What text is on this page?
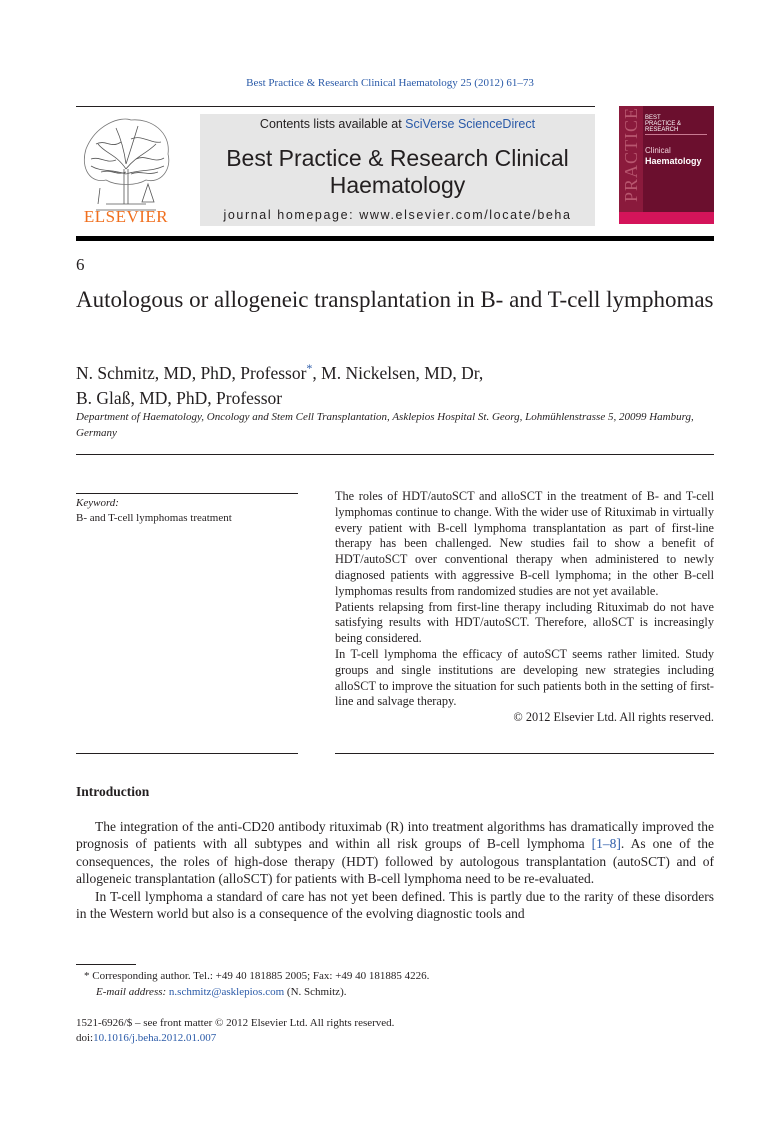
Best Practice & Research Clinical Haematology 25 (2012) 61–73
ELSEVIER
Contents lists available at SciVerse ScienceDirect
Best Practice & Research Clinical Haematology
journal homepage: www.elsevier.com/locate/beha
PRACTICE BEST PRACTICE & RESEARCH
Clinical
Haematology
6
Autologous or allogeneic transplantation in B- and T-cell lymphomas
N. Schmitz, MD, PhD, Professor*, M. Nickelsen, MD, Dr,
B. Glaß, MD, PhD, Professor
Department of Haematology, Oncology and Stem Cell Transplantation, Asklepios Hospital St. Georg, Lohmühlenstrasse 5, 20099 Hamburg, Germany
Keyword:
B- and T-cell lymphomas treatment

The roles of HDT/autoSCT and alloSCT in the treatment of B- and T-cell lymphomas continue to change. With the wider use of Rituximab in virtually every patient with B-cell lymphoma transplantation as part of first-line therapy has been challenged. New studies fail to show a benefit of HDT/autoSCT over conventional therapy when administered to newly diagnosed patients with aggressive B-cell lymphoma; in the other B-cell lymphomas results from randomized studies are not yet available.

Patients relapsing from first-line therapy including Rituximab do not have satisfying results with HDT/autoSCT. Therefore, alloSCT is increasingly being considered.

In T-cell lymphoma the efficacy of autoSCT seems rather limited. Study groups and single institutions are developing new strategies including alloSCT to improve the situation for such patients both in the setting of first-line and salvage therapy.

© 2012 Elsevier Ltd. All rights reserved.

Introduction

The integration of the anti-CD20 antibody rituximab (R) into treatment algorithms has dramatically improved the prognosis of patients with all subtypes and within all risk groups of B-cell lymphoma [1–8]. As one of the consequences, the roles of high-dose therapy (HDT) followed by autologous transplantation (autoSCT) and of allogeneic transplantation (alloSCT) for patients with B-cell lymphoma need to be re-evaluated.

In T-cell lymphoma a standard of care has not yet been defined. This is partly due to the rarity of these disorders in the Western world but also is a consequence of the evolving diagnostic tools and

* Corresponding author. Tel.: +49 40 181885 2005; Fax: +49 40 181885 4226.
E-mail address: n.schmitz@asklepios.com (N. Schmitz).
1521-6926/$ – see front matter © 2012 Elsevier Ltd. All rights reserved.
doi:10.1016/j.beha.2012.01.007
